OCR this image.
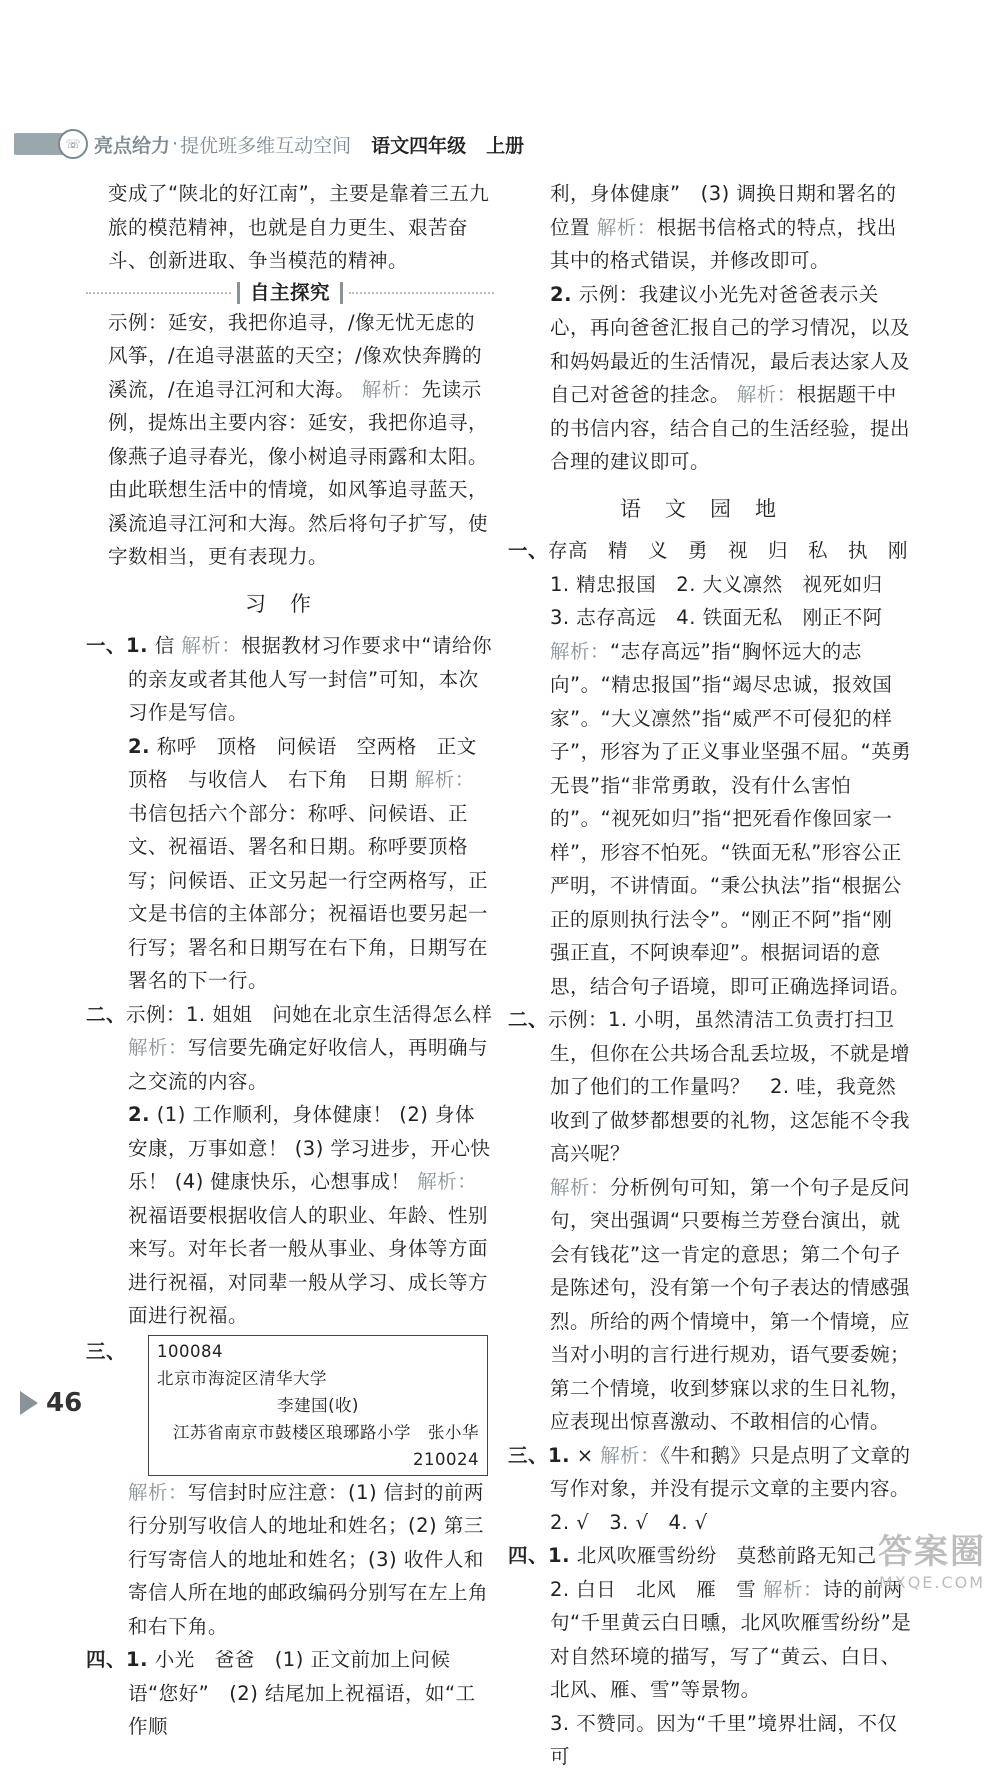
☏ 亮点给力 · 提优班多维互动空间 语文四年级 上册

变成了“陕北的好江南”，主要是靠着三五九旅的模范精神，也就是自力更生、艰苦奋斗、创新进取、争当模范的精神。

自主探究

示例：延安，我把你追寻，/像无忧无虑的风筝，/在追寻湛蓝的天空；/像欢快奔腾的溪流，/在追寻江河和大海。 解析：先读示例，提炼出主要内容：延安，我把你追寻，像燕子追寻春光，像小树追寻雨露和太阳。由此联想生活中的情境，如风筝追寻蓝天，溪流追寻江河和大海。然后将句子扩写，使字数相当，更有表现力。

习作

一、1. 信 解析：根据教材习作要求中“请给你的亲友或者其他人写一封信”可知，本次习作是写信。

2. 称呼　顶格　问候语　空两格　正文　顶格　与收信人　右下角　日期 解析：书信包括六个部分：称呼、问候语、正文、祝福语、署名和日期。称呼要顶格写；问候语、正文另起一行空两格写，正文是书信的主体部分；祝福语也要另起一行写；署名和日期写在右下角，日期写在署名的下一行。

二、示例：1. 姐姐　问她在北京生活得怎么样 解析：写信要先确定好收信人，再明确与之交流的内容。

2. (1) 工作顺利，身体健康！ (2) 身体安康，万事如意！ (3) 学习进步，开心快乐！ (4) 健康快乐，心想事成！ 解析：祝福语要根据收信人的职业、年龄、性别来写。对年长者一般从事业、身体等方面进行祝福，对同辈一般从学习、成长等方面进行祝福。

三、 100084
北京市海淀区清华大学
李建国(收)
江苏省南京市鼓楼区琅琊路小学　张小华
210024

解析：写信封时应注意：(1) 信封的前两行分别写收信人的地址和姓名；(2) 第三行写寄信人的地址和姓名；(3) 收件人和寄信人所在地的邮政编码分别写在左上角和右下角。

四、1. 小光　爸爸　(1) 正文前加上问候语“您好”　(2) 结尾加上祝福语，如“工作顺

利，身体健康”　(3) 调换日期和署名的位置 解析：根据书信格式的特点，找出其中的格式错误，并修改即可。

2. 示例：我建议小光先对爸爸表示关心，再向爸爸汇报自己的学习情况，以及和妈妈最近的生活情况，最后表达家人及自己对爸爸的挂念。 解析：根据题干中的书信内容，结合自己的生活经验，提出合理的建议即可。

语文园地

一、存高　精　义　勇　视　归　私　执　刚

1. 精忠报国　2. 大义凛然　视死如归

3. 志存高远　4. 铁面无私　刚正不阿

解析：“志存高远”指“胸怀远大的志向”。“精忠报国”指“竭尽忠诚，报效国家”。“大义凛然”指“威严不可侵犯的样子”，形容为了正义事业坚强不屈。“英勇无畏”指“非常勇敢，没有什么害怕的”。“视死如归”指“把死看作像回家一样”，形容不怕死。“铁面无私”形容公正严明，不讲情面。“秉公执法”指“根据公正的原则执行法令”。“刚正不阿”指“刚强正直，不阿谀奉迎”。根据词语的意思，结合句子语境，即可正确选择词语。

二、示例：1. 小明，虽然清洁工负责打扫卫生，但你在公共场合乱丢垃圾，不就是增加了他们的工作量吗？　2. 哇，我竟然收到了做梦都想要的礼物，这怎能不令我高兴呢？

解析：分析例句可知，第一个句子是反问句，突出强调“只要梅兰芳登台演出，就会有钱花”这一肯定的意思；第二个句子是陈述句，没有第一个句子表达的情感强烈。所给的两个情境中，第一个情境，应当对小明的言行进行规劝，语气要委婉；第二个情境，收到梦寐以求的生日礼物，应表现出惊喜激动、不敢相信的心情。

三、1. × 解析：《牛和鹅》只是点明了文章的写作对象，并没有提示文章的主要内容。

2. √　3. √　4. √

四、1. 北风吹雁雪纷纷　莫愁前路无知己

2. 白日　北风　雁　雪 解析：诗的前两句“千里黄云白日曛，北风吹雁雪纷纷”是对自然环境的描写，写了“黄云、白日、北风、雁、雪”等景物。

3. 不赞同。因为“千里”境界壮阔，不仅可

46
答案圈
MXQE.COM
